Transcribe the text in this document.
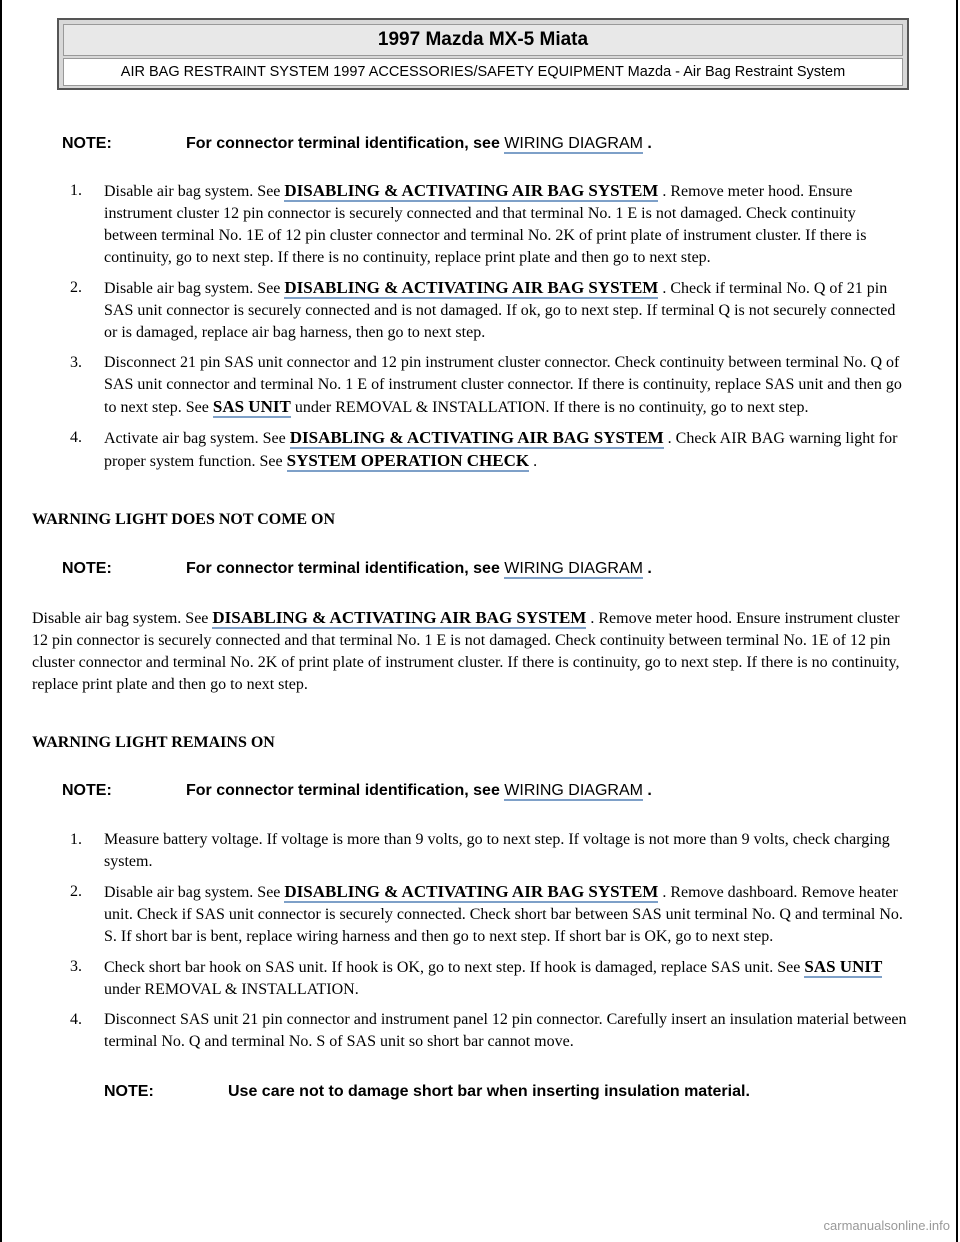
1997 Mazda MX-5 Miata
AIR BAG RESTRAINT SYSTEM 1997 ACCESSORIES/SAFETY EQUIPMENT Mazda - Air Bag Restraint System
NOTE:	For connector terminal identification, see WIRING DIAGRAM .
1. Disable air bag system. See DISABLING & ACTIVATING AIR BAG SYSTEM . Remove meter hood. Ensure instrument cluster 12 pin connector is securely connected and that terminal No. 1 E is not damaged. Check continuity between terminal No. 1E of 12 pin cluster connector and terminal No. 2K of print plate of instrument cluster. If there is continuity, go to next step. If there is no continuity, replace print plate and then go to next step.
2. Disable air bag system. See DISABLING & ACTIVATING AIR BAG SYSTEM . Check if terminal No. Q of 21 pin SAS unit connector is securely connected and is not damaged. If ok, go to next step. If terminal Q is not securely connected or is damaged, replace air bag harness, then go to next step.
3. Disconnect 21 pin SAS unit connector and 12 pin instrument cluster connector. Check continuity between terminal No. Q of SAS unit connector and terminal No. 1 E of instrument cluster connector. If there is continuity, replace SAS unit and then go to next step. See SAS UNIT under REMOVAL & INSTALLATION. If there is no continuity, go to next step.
4. Activate air bag system. See DISABLING & ACTIVATING AIR BAG SYSTEM . Check AIR BAG warning light for proper system function. See SYSTEM OPERATION CHECK .
WARNING LIGHT DOES NOT COME ON
NOTE:	For connector terminal identification, see WIRING DIAGRAM .
Disable air bag system. See DISABLING & ACTIVATING AIR BAG SYSTEM . Remove meter hood. Ensure instrument cluster 12 pin connector is securely connected and that terminal No. 1 E is not damaged. Check continuity between terminal No. 1E of 12 pin cluster connector and terminal No. 2K of print plate of instrument cluster. If there is continuity, go to next step. If there is no continuity, replace print plate and then go to next step.
WARNING LIGHT REMAINS ON
NOTE:	For connector terminal identification, see WIRING DIAGRAM .
1. Measure battery voltage. If voltage is more than 9 volts, go to next step. If voltage is not more than 9 volts, check charging system.
2. Disable air bag system. See DISABLING & ACTIVATING AIR BAG SYSTEM . Remove dashboard. Remove heater unit. Check if SAS unit connector is securely connected. Check short bar between SAS unit terminal No. Q and terminal No. S. If short bar is bent, replace wiring harness and then go to next step. If short bar is OK, go to next step.
3. Check short bar hook on SAS unit. If hook is OK, go to next step. If hook is damaged, replace SAS unit. See SAS UNIT under REMOVAL & INSTALLATION.
4. Disconnect SAS unit 21 pin connector and instrument panel 12 pin connector. Carefully insert an insulation material between terminal No. Q and terminal No. S of SAS unit so short bar cannot move.
NOTE:	Use care not to damage short bar when inserting insulation material.
carmanualsonline.info
